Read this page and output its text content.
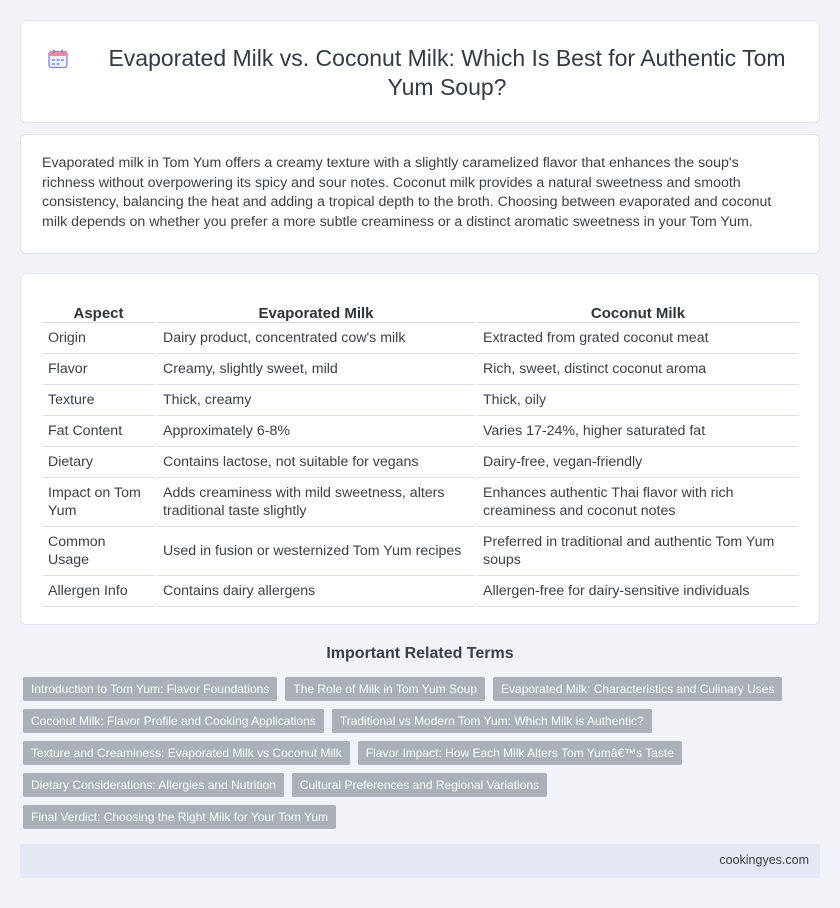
Evaporated Milk vs. Coconut Milk: Which Is Best for Authentic Tom Yum Soup?

Evaporated milk in Tom Yum offers a creamy texture with a slightly caramelized flavor that enhances the soup's richness without overpowering its spicy and sour notes. Coconut milk provides a natural sweetness and smooth consistency, balancing the heat and adding a tropical depth to the broth. Choosing between evaporated and coconut milk depends on whether you prefer a more subtle creaminess or a distinct aromatic sweetness in your Tom Yum.

Aspect	Evaporated Milk	Coconut Milk
Origin	Dairy product, concentrated cow's milk	Extracted from grated coconut meat
Flavor	Creamy, slightly sweet, mild	Rich, sweet, distinct coconut aroma
Texture	Thick, creamy	Thick, oily
Fat Content	Approximately 6-8%	Varies 17-24%, higher saturated fat
Dietary	Contains lactose, not suitable for vegans	Dairy-free, vegan-friendly
Impact on Tom Yum	Adds creaminess with mild sweetness, alters traditional taste slightly	Enhances authentic Thai flavor with rich creaminess and coconut notes
Common Usage	Used in fusion or westernized Tom Yum recipes	Preferred in traditional and authentic Tom Yum soups
Allergen Info	Contains dairy allergens	Allergen-free for dairy-sensitive individuals
Important Related Terms
Introduction to Tom Yum: Flavor Foundations	The Role of Milk in Tom Yum Soup	Evaporated Milk: Characteristics and Culinary Uses
Coconut Milk: Flavor Profile and Cooking Applications	Traditional vs Modern Tom Yum: Which Milk is Authentic?
Texture and Creaminess: Evaporated Milk vs Coconut Milk	Flavor Impact: How Each Milk Alters Tom Yumâ€™s Taste
Dietary Considerations: Allergies and Nutrition	Cultural Preferences and Regional Variations
Final Verdict: Choosing the Right Milk for Your Tom Yum
cookingyes.com
